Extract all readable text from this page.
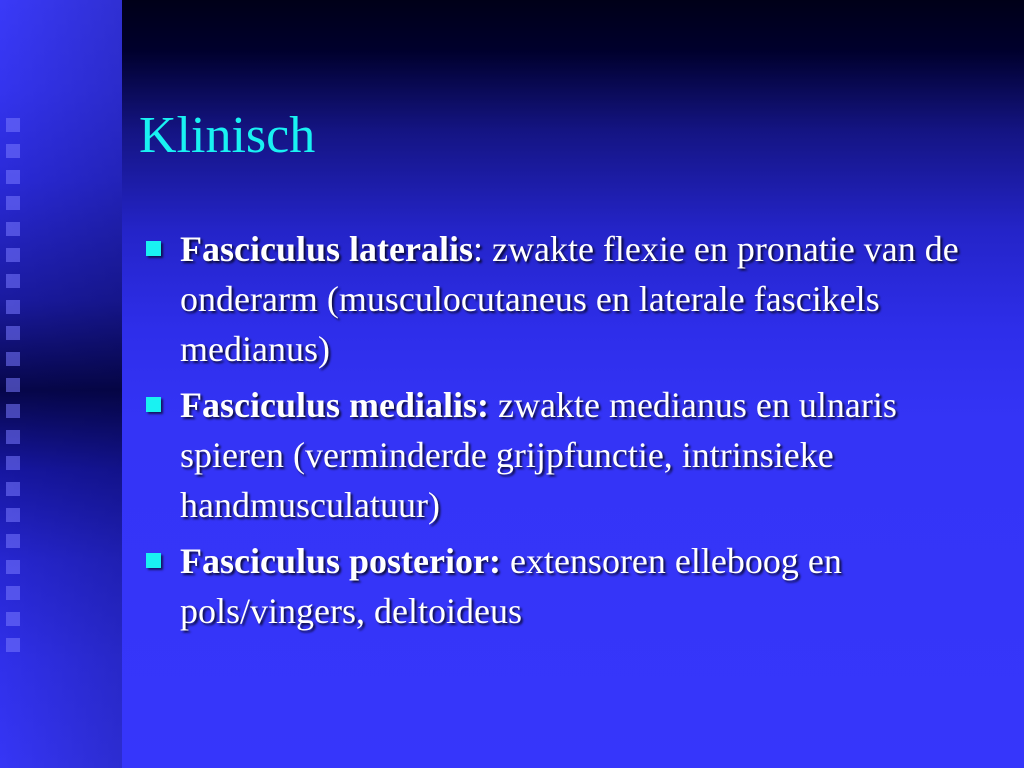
Klinisch
Fasciculus lateralis: zwakte flexie en pronatie van de onderarm (musculocutaneus en laterale fascikels medianus)
Fasciculus medialis: zwakte medianus en ulnaris spieren (verminderde grijpfunctie, intrinsieke handmusculatuur)
Fasciculus posterior: extensoren elleboog en pols/vingers, deltoideus
